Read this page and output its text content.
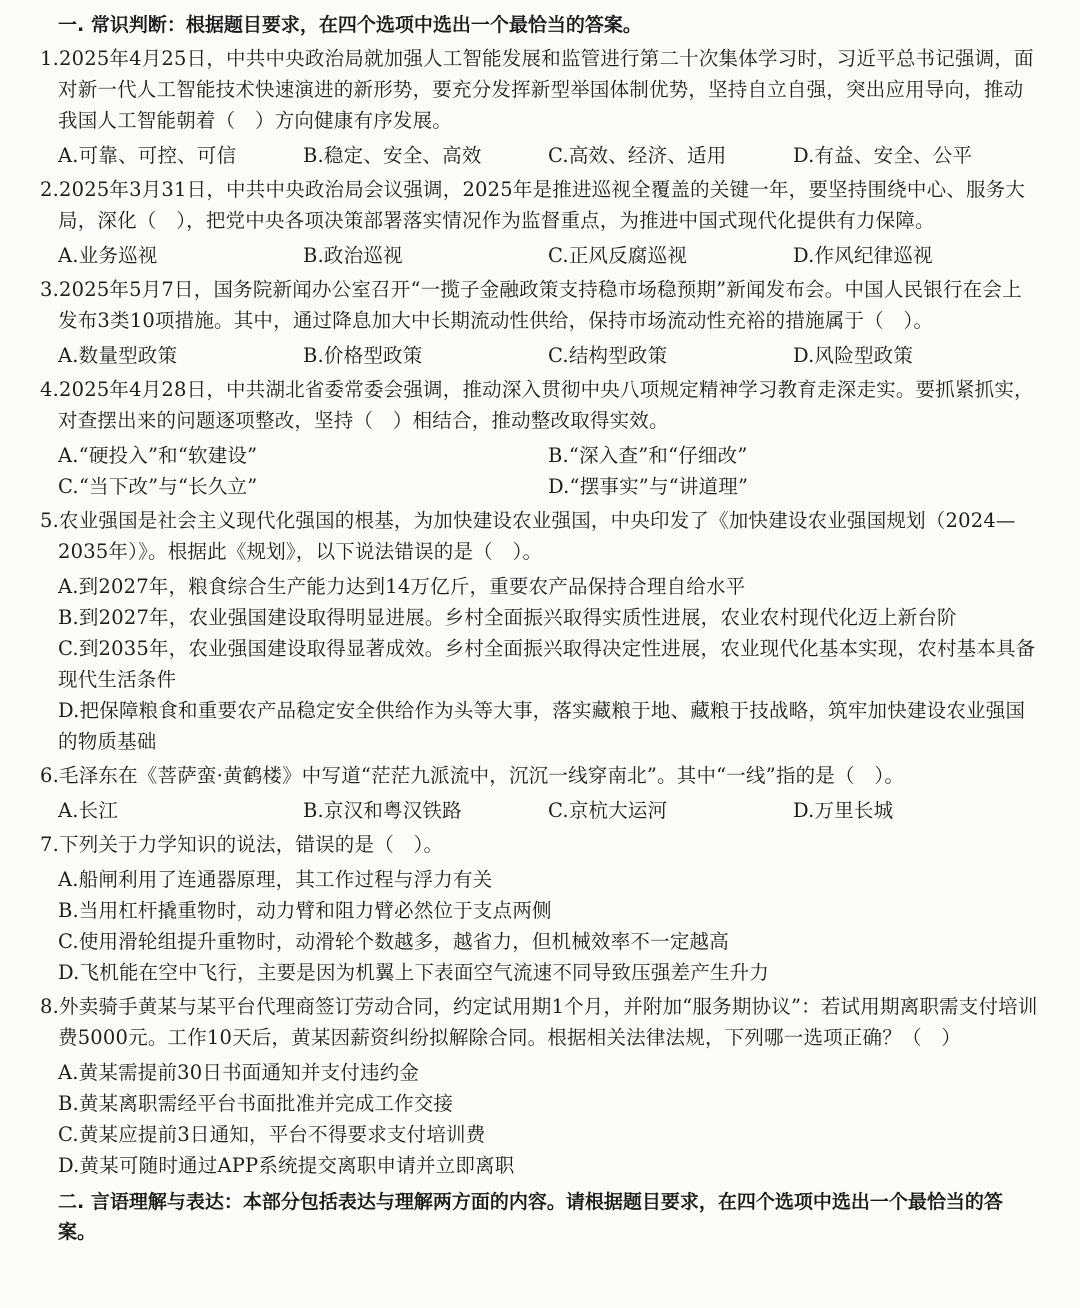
一. 常识判断：根据题目要求，在四个选项中选出一个最恰当的答案。
1.2025年4月25日，中共中央政治局就加强人工智能发展和监管进行第二十次集体学习时，习近平总书记强调，面对新一代人工智能技术快速演进的新形势，要充分发挥新型举国体制优势，坚持自立自强，突出应用导向，推动我国人工智能朝着（　）方向健康有序发展。
A.可靠、可控、可信	B.稳定、安全、高效	C.高效、经济、适用	D.有益、安全、公平
2.2025年3月31日，中共中央政治局会议强调，2025年是推进巡视全覆盖的关键一年，要坚持围绕中心、服务大局，深化（　），把党中央各项决策部署落实情况作为监督重点，为推进中国式现代化提供有力保障。
A.业务巡视	B.政治巡视	C.正风反腐巡视	D.作风纪律巡视
3.2025年5月7日，国务院新闻办公室召开“一揽子金融政策支持稳市场稳预期”新闻发布会。中国人民银行在会上发布3类10项措施。其中，通过降息加大中长期流动性供给，保持市场流动性充裕的措施属于（　）。
A.数量型政策	B.价格型政策	C.结构型政策	D.风险型政策
4.2025年4月28日，中共湖北省委常委会强调，推动深入贯彻中央八项规定精神学习教育走深走实。要抓紧抓实，对查摆出来的问题逐项整改，坚持（　）相结合，推动整改取得实效。
A.“硬投入”和“软建设”	B.“深入查”和“仔细改”
C.“当下改”与“长久立”	D.“摆事实”与“讲道理”
5.农业强国是社会主义现代化强国的根基，为加快建设农业强国，中央印发了《加快建设农业强国规划（2024—2035年）》。根据此《规划》，以下说法错误的是（　）。
A.到2027年，粮食综合生产能力达到14万亿斤，重要农产品保持合理自给水平
B.到2027年，农业强国建设取得明显进展。乡村全面振兴取得实质性进展，农业农村现代化迈上新台阶
C.到2035年，农业强国建设取得显著成效。乡村全面振兴取得决定性进展，农业现代化基本实现，农村基本具备现代生活条件
D.把保障粮食和重要农产品稳定安全供给作为头等大事，落实藏粮于地、藏粮于技战略，筑牢加快建设农业强国的物质基础
6.毛泽东在《菩萨蛮·黄鹤楼》中写道“茫茫九派流中，沉沉一线穿南北”。其中“一线”指的是（　）。
A.长江	B.京汉和粤汉铁路	C.京杭大运河	D.万里长城
7.下列关于力学知识的说法，错误的是（　）。
A.船闸利用了连通器原理，其工作过程与浮力有关
B.当用杠杆撬重物时，动力臂和阻力臂必然位于支点两侧
C.使用滑轮组提升重物时，动滑轮个数越多，越省力，但机械效率不一定越高
D.飞机能在空中飞行，主要是因为机翼上下表面空气流速不同导致压强差产生升力
8.外卖骑手黄某与某平台代理商签订劳动合同，约定试用期1个月，并附加“服务期协议”：若试用期离职需支付培训费5000元。工作10天后，黄某因薪资纠纷拟解除合同。根据相关法律法规，下列哪一选项正确？（　）
A.黄某需提前30日书面通知并支付违约金
B.黄某离职需经平台书面批准并完成工作交接
C.黄某应提前3日通知，平台不得要求支付培训费
D.黄某可随时通过APP系统提交离职申请并立即离职
二. 言语理解与表达：本部分包括表达与理解两方面的内容。请根据题目要求，在四个选项中选出一个最恰当的答案。
